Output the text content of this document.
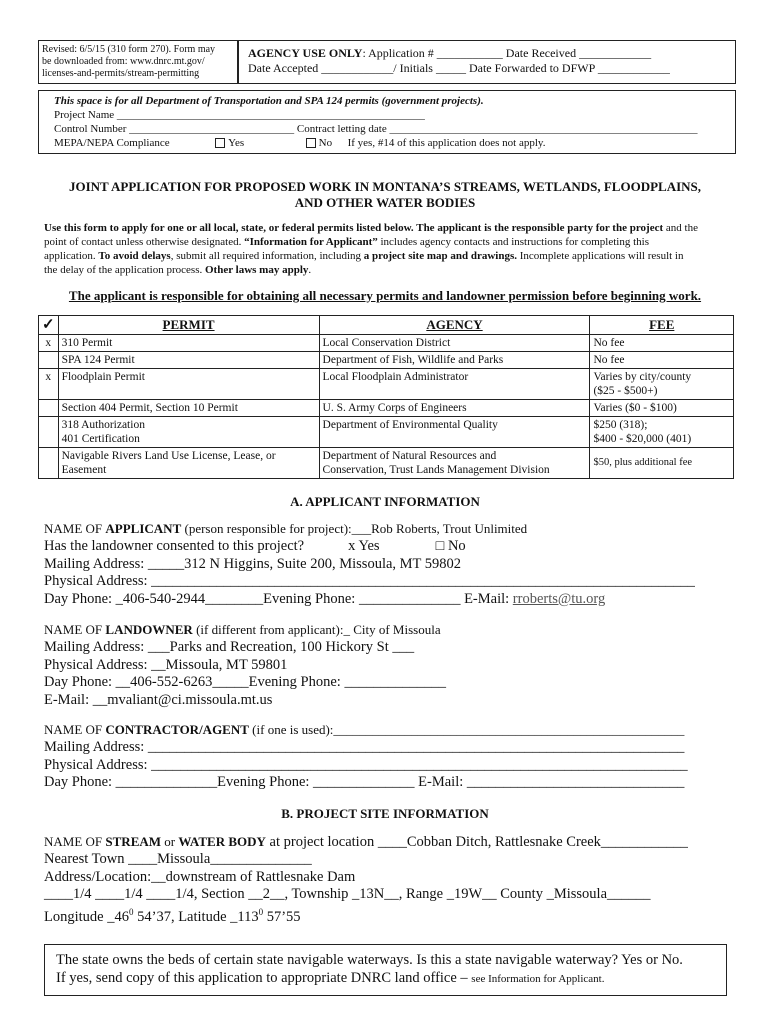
Revised: 6/5/15 (310 form 270). Form may
be downloaded from: www.dnrc.mt.gov/
licenses-and-permits/stream-permitting
AGENCY USE ONLY: Application # ___________ Date Received ____________
Date Accepted ____________/ Initials _____ Date Forwarded to DFWP ____________
This space is for all Department of Transportation and SPA 124 permits (government projects).
Project Name ________________________________________________________
Control Number ______________________________ Contract letting date ________________________________________________________
MEPA/NEPA Compliance	Yes	No If yes, #14 of this application does not apply.
JOINT APPLICATION FOR PROPOSED WORK IN MONTANA’S STREAMS, WETLANDS, FLOODPLAINS,
AND OTHER WATER BODIES
Use this form to apply for one or all local, state, or federal permits listed below. The applicant is the responsible party for the project and the
point of contact unless otherwise designated. “Information for Applicant” includes agency contacts and instructions for completing this
application. To avoid delays, submit all required information, including a project site map and drawings. Incomplete applications will result in
the delay of the application process. Other laws may apply.
The applicant is responsible for obtaining all necessary permits and landowner permission before beginning work.
✓	PERMIT	AGENCY	FEE
x	310 Permit	Local Conservation District	No fee
	SPA 124 Permit	Department of Fish, Wildlife and Parks	No fee
x	Floodplain Permit	Local Floodplain Administrator	Varies by city/county
($25 - $500+)
	Section 404 Permit, Section 10 Permit	U. S. Army Corps of Engineers	Varies ($0 - $100)
	318 Authorization
401 Certification	Department of Environmental Quality	$250 (318);
$400 - $20,000 (401)
	Navigable Rivers Land Use License, Lease, or
Easement	Department of Natural Resources and
Conservation, Trust Lands Management Division	$50, plus additional fee
A. APPLICANT INFORMATION
NAME OF APPLICANT (person responsible for project):___Rob Roberts, Trout Unlimited
Has the landowner consented to this project?	x Yes	□ No
Mailing Address: _____312 N Higgins, Suite 200, Missoula, MT 59802
Physical Address: ___________________________________________________________________________
Day Phone: _406-540-2944________Evening Phone: ______________ E-Mail: rroberts@tu.org
NAME OF LANDOWNER (if different from applicant):_ City of Missoula
Mailing Address: ___Parks and Recreation, 100 Hickory St ___
Physical Address: __Missoula, MT 59801
Day Phone: __406-552-6263_____Evening Phone: ______________
E-Mail: __mvaliant@ci.missoula.mt.us
NAME OF CONTRACTOR/AGENT (if one is used):______________________________________________________
Mailing Address: __________________________________________________________________________
Physical Address: __________________________________________________________________________
Day Phone: ______________Evening Phone: ______________ E-Mail: ______________________________
B. PROJECT SITE INFORMATION
NAME OF STREAM or WATER BODY at project location ____Cobban Ditch, Rattlesnake Creek____________
Nearest Town ____Missoula______________
Address/Location:__downstream of Rattlesnake Dam
____1/4 ____1/4 ____1/4, Section __2__, Township _13N__, Range _19W__ County _Missoula______
Longitude $\_46^0$ 54’37, Latitude $\_113^0$ 57’55
The state owns the beds of certain state navigable waterways. Is this a state navigable waterway? Yes or No.
If yes, send copy of this application to appropriate DNRC land office – see Information for Applicant.
